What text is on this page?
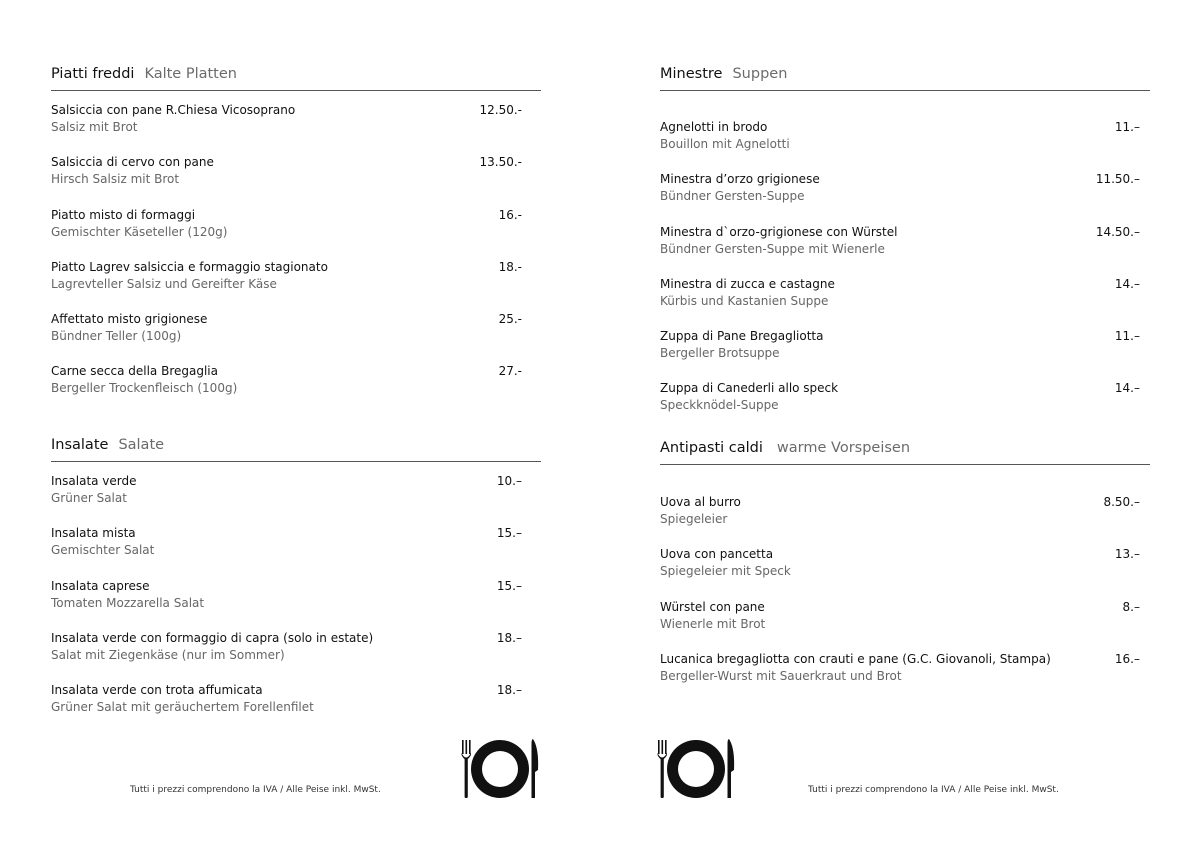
Piatti freddi Kalte Platten
Salsiccia con pane R.Chiesa Vicosoprano
Salsiz mit Brot
12.50.-
Salsiccia di cervo con pane
Hirsch Salsiz mit Brot
13.50.-
Piatto misto di formaggi
Gemischter Käseteller (120g)
16.-
Piatto Lagrev salsiccia e formaggio stagionato
Lagrevteller Salsiz und Gereifter Käse
18.-
Affettato misto grigionese
Bündner Teller (100g)
25.-
Carne secca della Bregaglia
Bergeller Trockenfleisch (100g)
27.-
Insalate Salate
Insalata verde
Grüner Salat
10.–
Insalata mista
Gemischter Salat
15.–
Insalata caprese
Tomaten Mozzarella Salat
15.–
Insalata verde con formaggio di capra (solo in estate)
Salat mit Ziegenkäse (nur im Sommer)
18.–
Insalata verde con trota affumicata
Grüner Salat mit geräuchertem Forellenfilet
18.–
Tutti i prezzi comprendono la IVA / Alle Peise inkl. MwSt.
Minestre Suppen
Agnelotti in brodo
Bouillon mit Agnelotti
11.–
Minestra d’orzo grigionese
Bündner Gersten-Suppe
11.50.–
Minestra d`orzo-grigionese con Würstel
Bündner Gersten-Suppe mit Wienerle
14.50.–
Minestra di zucca e castagne
Kürbis und Kastanien Suppe
14.–
Zuppa di Pane Bregagliotta
Bergeller Brotsuppe
11.–
Zuppa di Canederli allo speck
Speckknödel-Suppe
14.–
Antipasti caldi warme Vorspeisen
Uova al burro
Spiegeleier
8.50.–
Uova con pancetta
Spiegeleier mit Speck
13.–
Würstel con pane
Wienerle mit Brot
8.–
Lucanica bregagliotta con crauti e pane (G.C. Giovanoli, Stampa)
Bergeller-Wurst mit Sauerkraut und Brot
16.–
Tutti i prezzi comprendono la IVA / Alle Peise inkl. MwSt.
